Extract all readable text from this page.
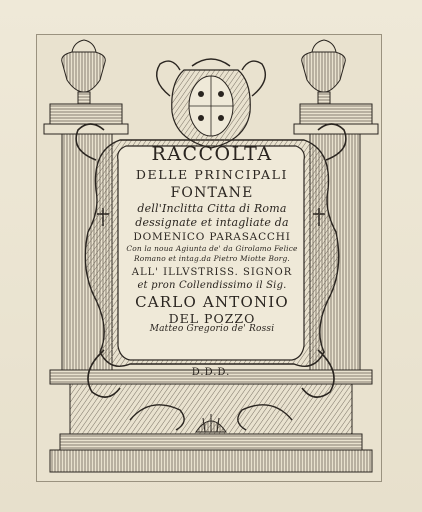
RACCOLTA
DELLE PRINCIPALI
FONTANE
dell'Inclitta Citta di Roma
dessignate et intagliate da
DOMENICO PARASACCHI
Con la noua Agiunta de' da Girolamo Felice
Romano et intag.da Pietro Miotte Borg.
ALL' ILLVSTRISS. SIGNOR
et pron Collendissimo il Sig.
CARLO ANTONIO
DEL POZZO
Matteo Gregorio de' Rossi
D.D.D.
